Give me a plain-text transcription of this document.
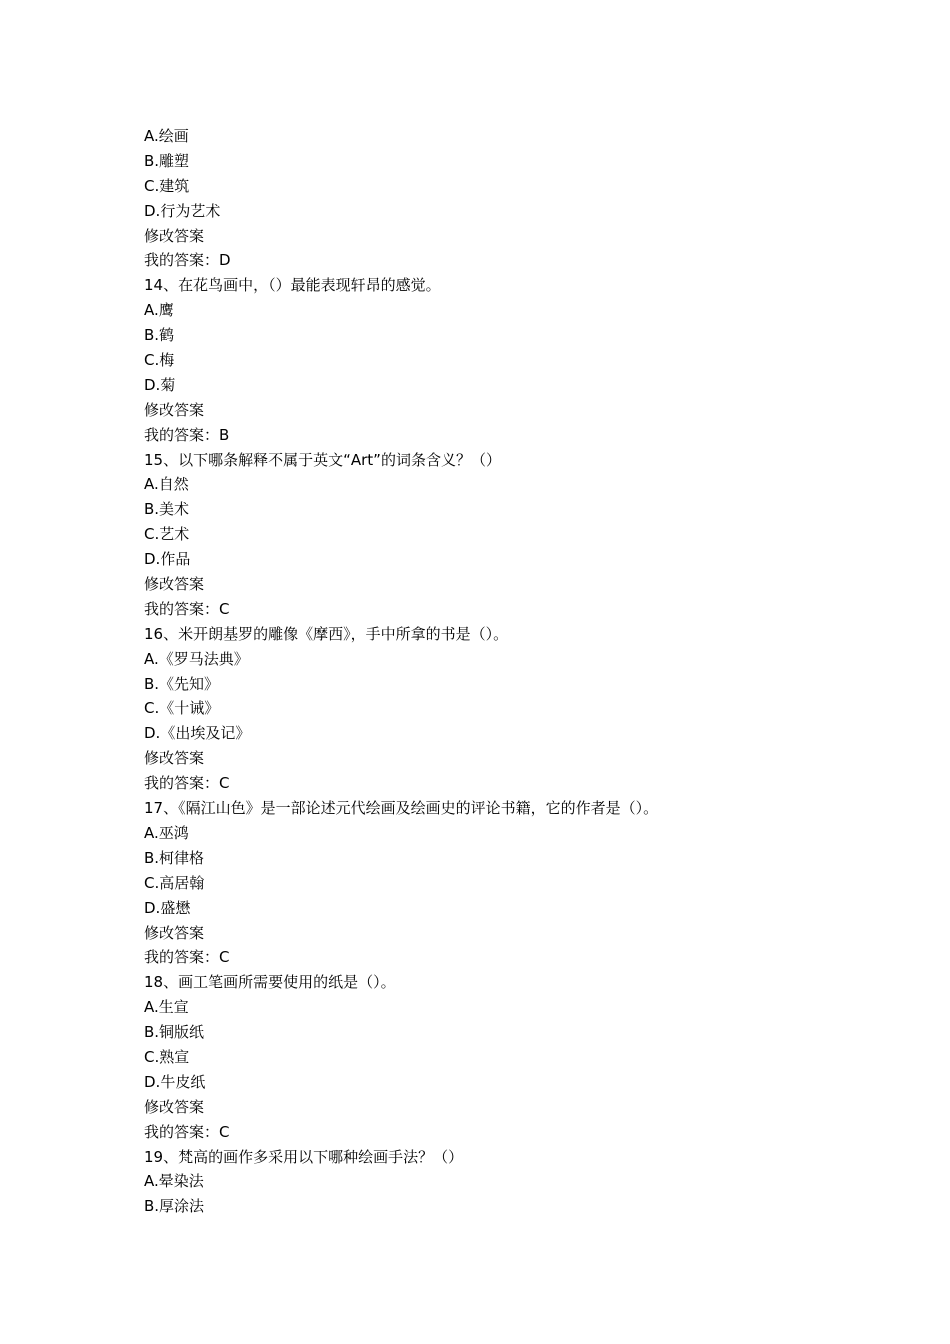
A.绘画
B.雕塑
C.建筑
D.行为艺术
修改答案
我的答案：D
14、在花鸟画中，（）最能表现轩昂的感觉。
A.鹰
B.鹤
C.梅
D.菊
修改答案
我的答案：B
15、以下哪条解释不属于英文“Art”的词条含义？（）
A.自然
B.美术
C.艺术
D.作品
修改答案
我的答案：C
16、米开朗基罗的雕像《摩西》，手中所拿的书是（）。
A.《罗马法典》
B.《先知》
C.《十诫》
D.《出埃及记》
修改答案
我的答案：C
17、《隔江山色》是一部论述元代绘画及绘画史的评论书籍，它的作者是（）。
A.巫鸿
B.柯律格
C.高居翰
D.盛懋
修改答案
我的答案：C
18、画工笔画所需要使用的纸是（）。
A.生宣
B.铜版纸
C.熟宣
D.牛皮纸
修改答案
我的答案：C
19、梵高的画作多采用以下哪种绘画手法？（）
A.晕染法
B.厚涂法
